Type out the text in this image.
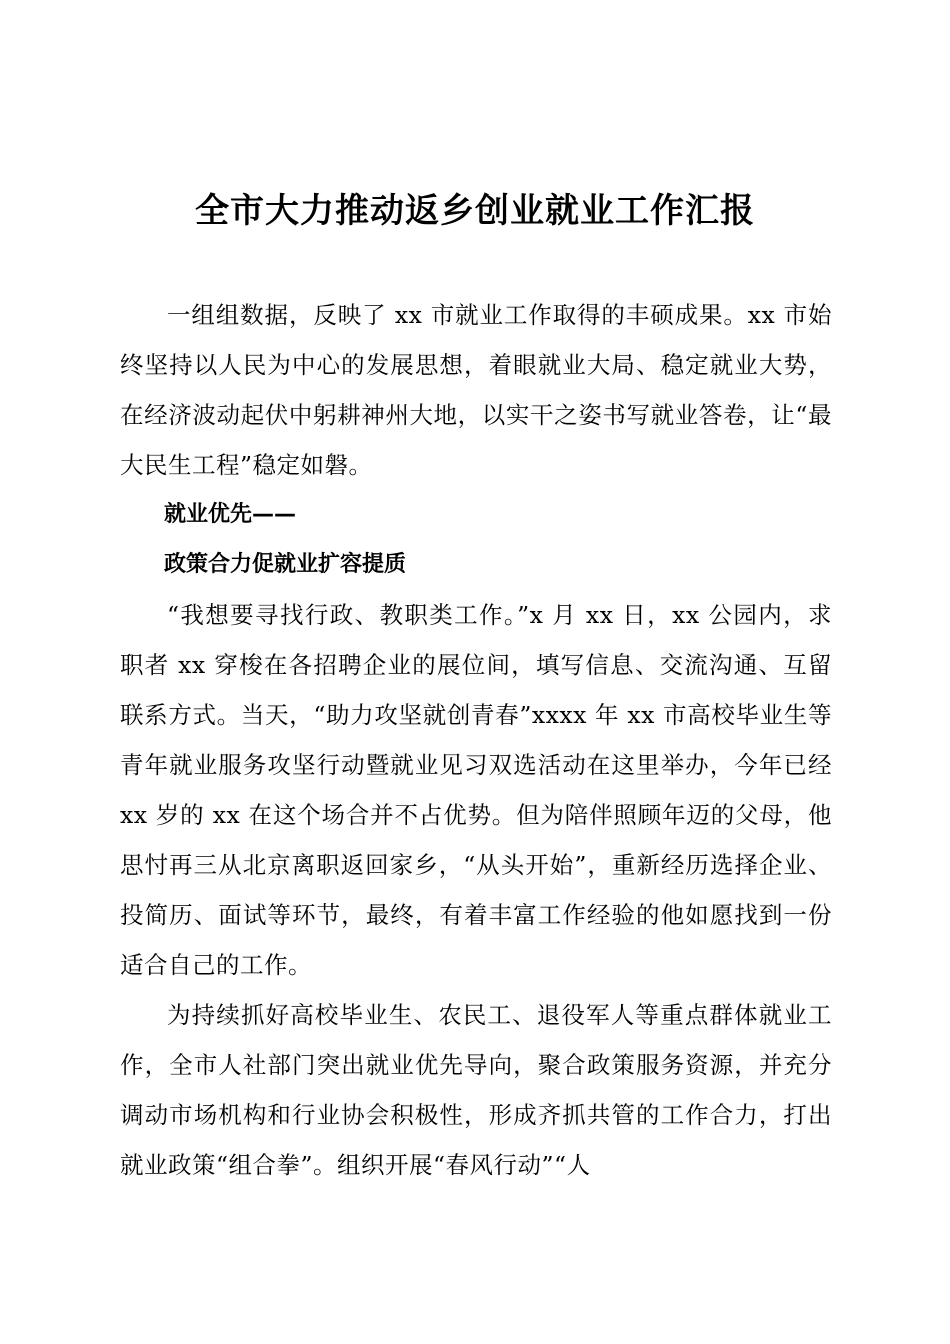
全市大力推动返乡创业就业工作汇报

一组组数据，反映了 xx 市就业工作取得的丰硕成果。xx 市始终坚持以人民为中心的发展思想，着眼就业大局、稳定就业大势，在经济波动起伏中躬耕神州大地，以实干之姿书写就业答卷，让“最大民生工程”稳定如磐。

就业优先——

政策合力促就业扩容提质

“我想要寻找行政、教职类工作。”x 月 xx 日，xx 公园内，求职者 xx 穿梭在各招聘企业的展位间，填写信息、交流沟通、互留联系方式。当天，“助力攻坚就创青春”xxxx 年 xx 市高校毕业生等青年就业服务攻坚行动暨就业见习双选活动在这里举办，今年已经 xx 岁的 xx 在这个场合并不占优势。但为陪伴照顾年迈的父母，他思忖再三从北京离职返回家乡，“从头开始”，重新经历选择企业、投简历、面试等环节，最终，有着丰富工作经验的他如愿找到一份适合自己的工作。

为持续抓好高校毕业生、农民工、退役军人等重点群体就业工作，全市人社部门突出就业优先导向，聚合政策服务资源，并充分调动市场机构和行业协会积极性，形成齐抓共管的工作合力，打出就业政策“组合拳”。组织开展“春风行动”“人
